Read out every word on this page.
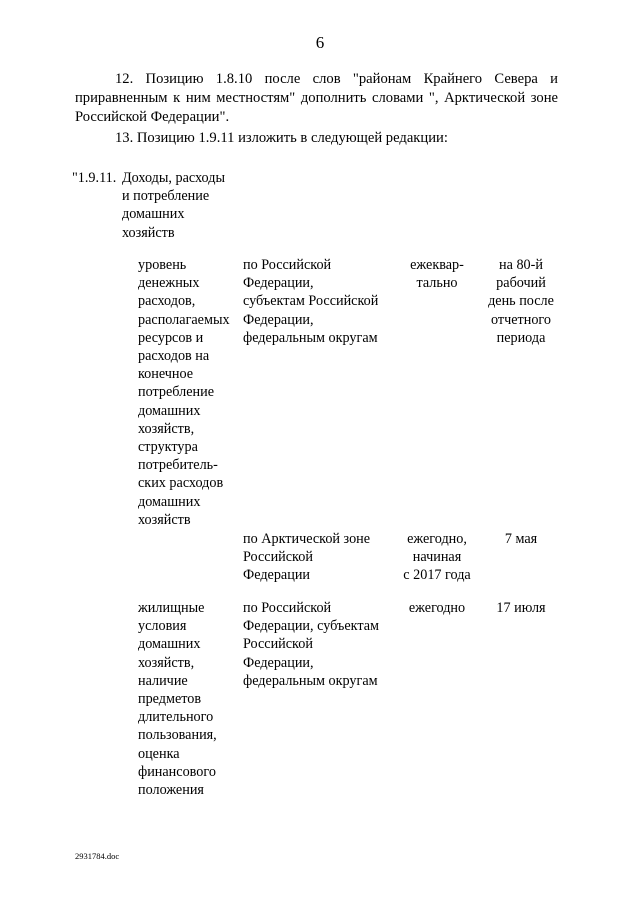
6
12. Позицию 1.8.10 после слов "районам Крайнего Севера и
приравненным к ним местностям" дополнить словами ", Арктической зоне
Российской Федерации".
13. Позицию 1.9.11 изложить в следующей редакции:
"1.9.11. Доходы, расходы
и потребление
домашних
хозяйств
уровень
денежных
расходов,
располагаемых
ресурсов и
расходов на
конечное
потребление
домашних
хозяйств,
структура
потребитель-
ских расходов
домашних
хозяйств
по Российской
Федерации,
субъектам Российской
Федерации,
федеральным округам
ежеквар-
тально
на 80-й
рабочий
день после
отчетного
периода
по Арктической зоне
Российской
Федерации
ежегодно,
начиная
с 2017 года
7 мая
жилищные
условия
домашних
хозяйств,
наличие
предметов
длительного
пользования,
оценка
финансового
положения
по Российской
Федерации, субъектам
Российской
Федерации,
федеральным округам
ежегодно	17 июля
2931784.doc
